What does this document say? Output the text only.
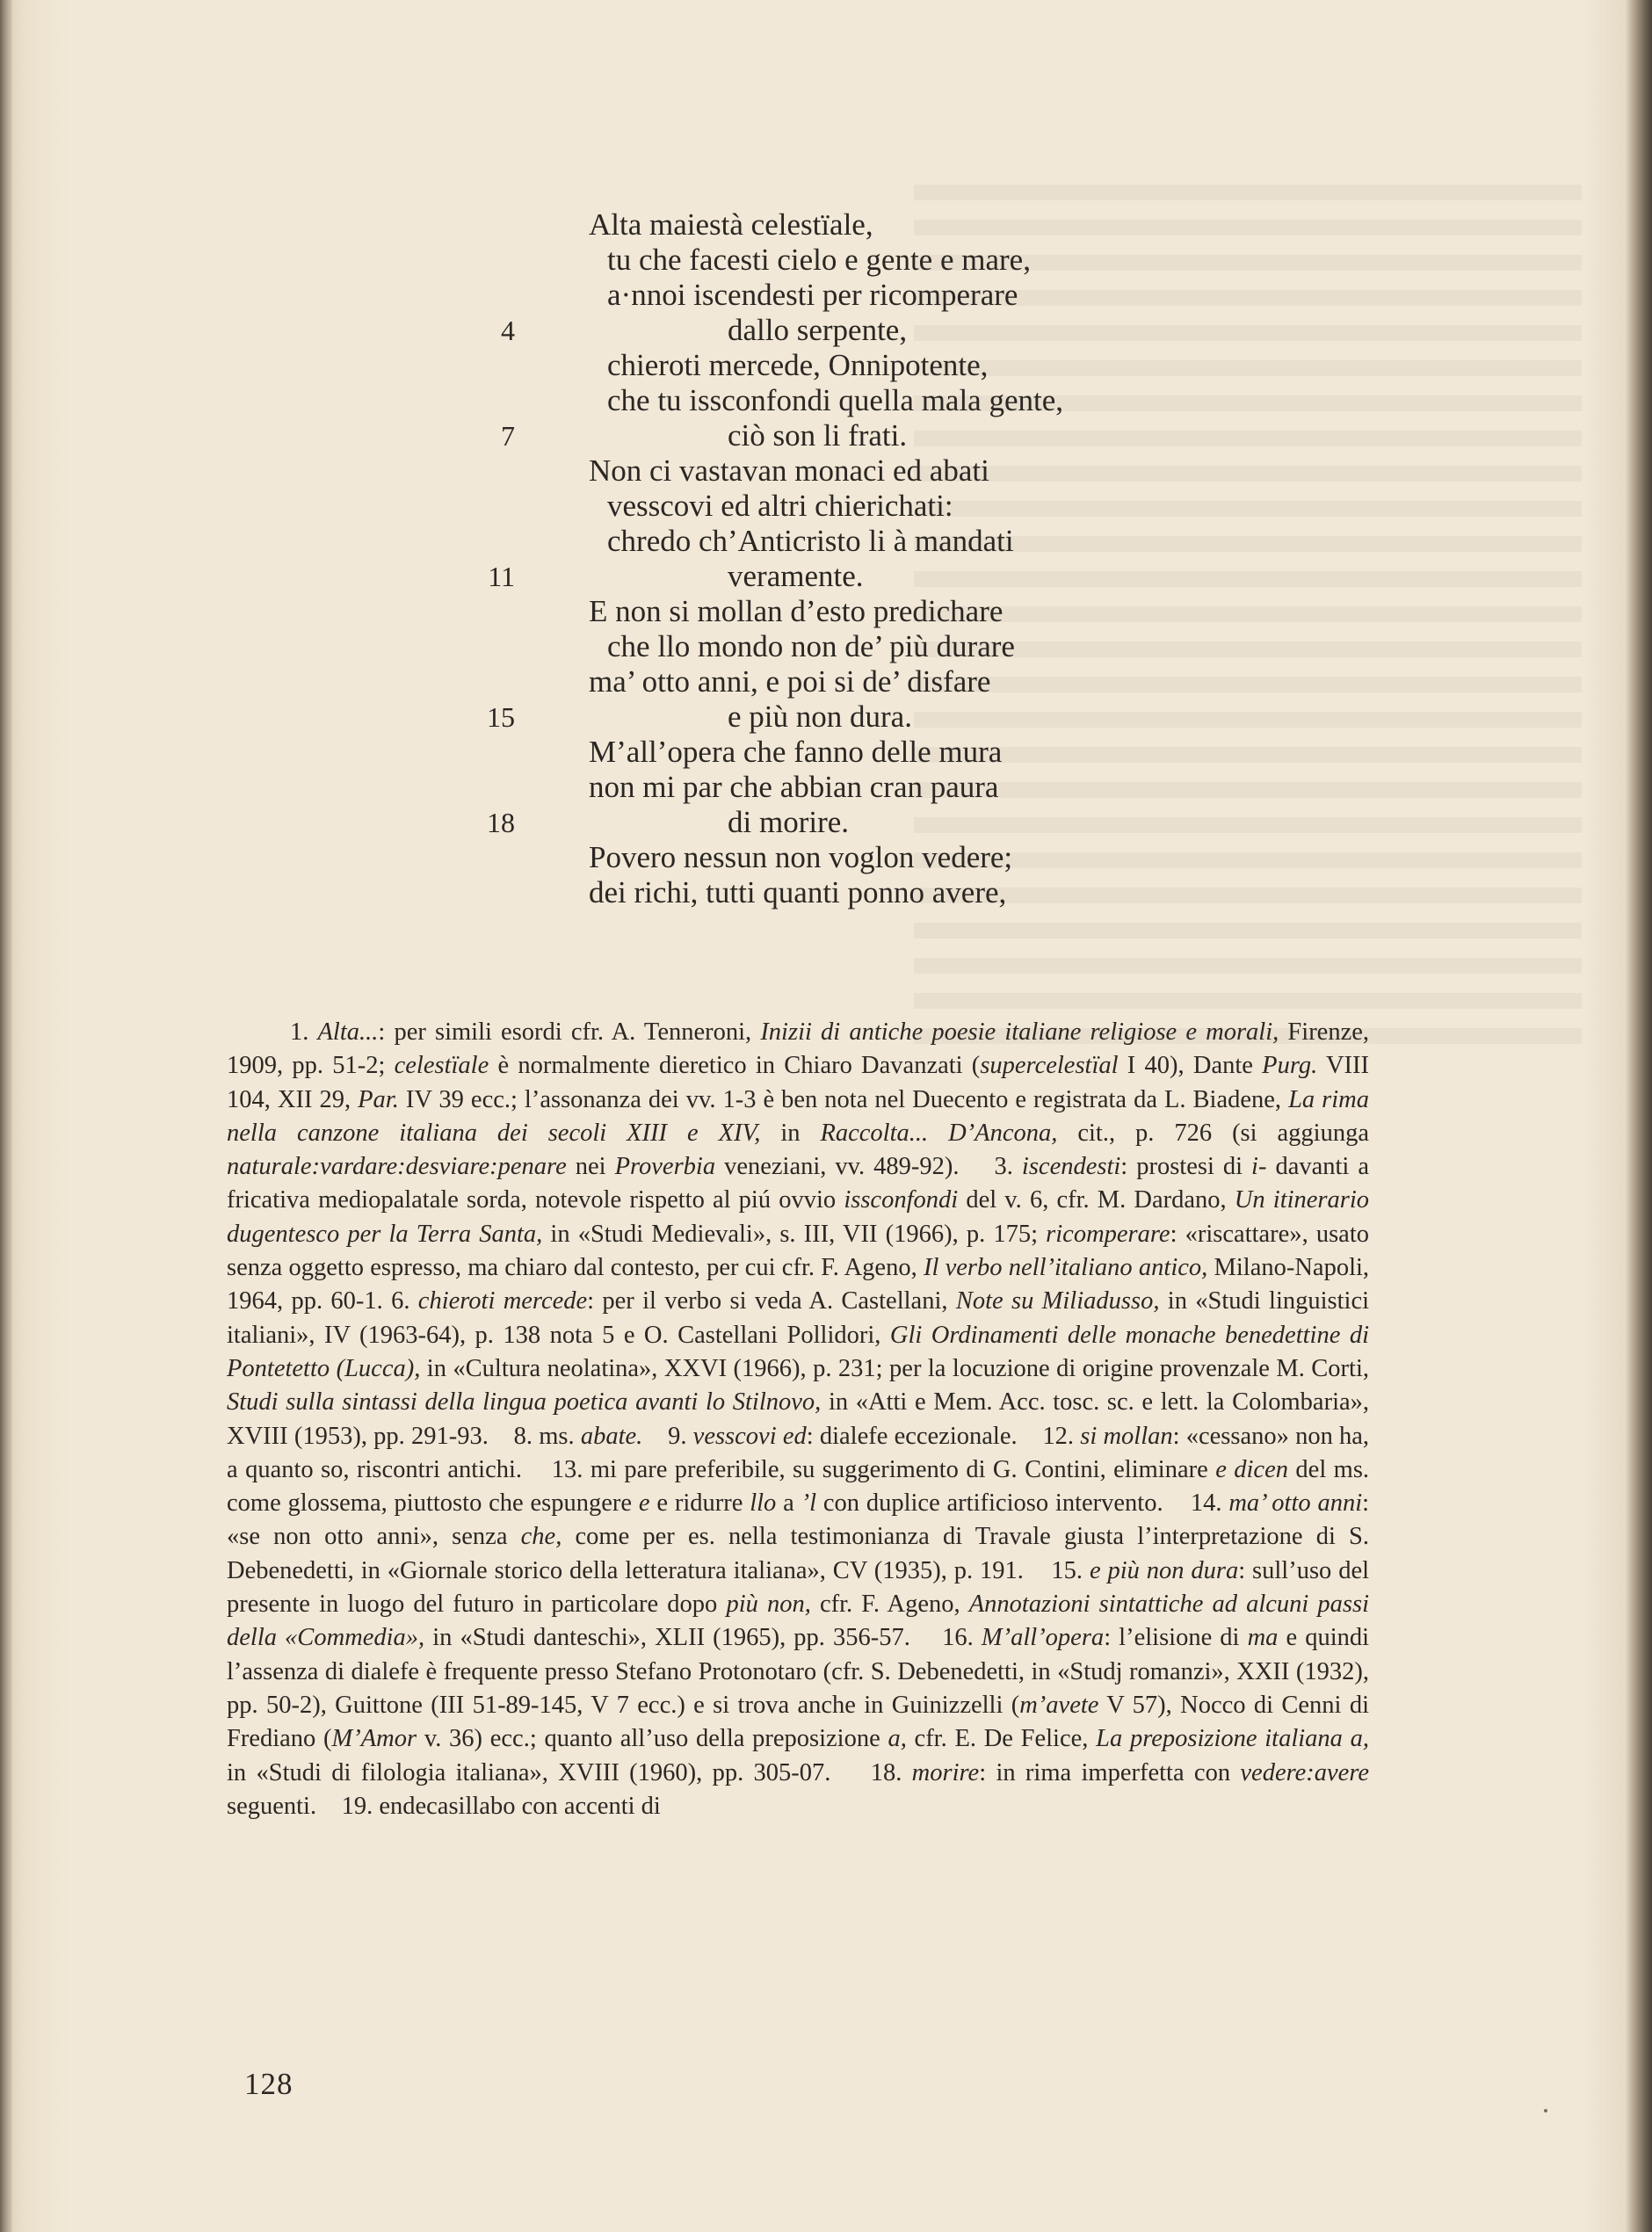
Alta maiestà celestïale,
tu che facesti cielo e gente e mare,
a·nnoi iscendesti per ricomperare
4	dallo serpente,
chieroti mercede, Onnipotente,
che tu issconfondi quella mala gente,
7	ciò son li frati.
Non ci vastavan monaci ed abati
vesscovi ed altri chierichati:
chredo ch’Anticristo li à mandati
11	veramente.
E non si mollan d’esto predichare
che llo mondo non de’ più durare
ma’ otto anni, e poi si de’ disfare
15	e più non dura.
M’all’opera che fanno delle mura
non mi par che abbian cran paura
18	di morire.
Povero nessun non voglon vedere;
dei richi, tutti quanti ponno avere,

1. Alta...: per simili esordi cfr. A. Tenneroni, Inizii di antiche poesie italiane religiose e morali, Firenze, 1909, pp. 51-2; celestïale è normalmente dieretico in Chiaro Davanzati (supercelestïal I 40), Dante Purg. VIII 104, XII 29, Par. IV 39 ecc.; l’assonanza dei vv. 1-3 è ben nota nel Duecento e registrata da L. Biadene, La rima nella canzone italiana dei secoli XIII e XIV, in Raccolta... D’Ancona, cit., p. 726 (si aggiunga naturale:vardare:desviare:penare nei Proverbia veneziani, vv. 489-92). 3. iscendesti: prostesi di i- davanti a fricativa mediopalatale sorda, notevole rispetto al piú ovvio issconfondi del v. 6, cfr. M. Dardano, Un itinerario dugentesco per la Terra Santa, in «Studi Medievali», s. III, VII (1966), p. 175; ricomperare: «riscattare», usato senza oggetto espresso, ma chiaro dal contesto, per cui cfr. F. Ageno, Il verbo nell’italiano antico, Milano-Napoli, 1964, pp. 60-1. 6. chieroti mercede: per il verbo si veda A. Castellani, Note su Miliadusso, in «Studi linguistici italiani», IV (1963-64), p. 138 nota 5 e O. Castellani Pollidori, Gli Ordinamenti delle monache benedettine di Pontetetto (Lucca), in «Cultura neolatina», XXVI (1966), p. 231; per la locuzione di origine provenzale M. Corti, Studi sulla sintassi della lingua poetica avanti lo Stilnovo, in «Atti e Mem. Acc. tosc. sc. e lett. la Colombaria», XVIII (1953), pp. 291-93. 8. ms. abate. 9. vesscovi ed: dialefe eccezionale. 12. si mollan: «cessano» non ha, a quanto so, riscontri antichi. 13. mi pare preferibile, su suggerimento di G. Contini, eliminare e dicen del ms. come glossema, piuttosto che espungere e e ridurre llo a ’l con duplice artificioso intervento. 14. ma’ otto anni: «se non otto anni», senza che, come per es. nella testimonianza di Travale giusta l’interpretazione di S. Debenedetti, in «Giornale storico della letteratura italiana», CV (1935), p. 191. 15. e più non dura: sull’uso del presente in luogo del futuro in particolare dopo più non, cfr. F. Ageno, Annotazioni sintattiche ad alcuni passi della «Commedia», in «Studi danteschi», XLII (1965), pp. 356-57. 16. M’all’opera: l’elisione di ma e quindi l’assenza di dialefe è frequente presso Stefano Protonotaro (cfr. S. Debenedetti, in «Studj romanzi», XXII (1932), pp. 50-2), Guittone (III 51-89-145, V 7 ecc.) e si trova anche in Guinizzelli (m’avete V 57), Nocco di Cenni di Frediano (M’Amor v. 36) ecc.; quanto all’uso della preposizione a, cfr. E. De Felice, La preposizione italiana a, in «Studi di filologia italiana», XVIII (1960), pp. 305-07. 18. morire: in rima imperfetta con vedere:avere seguenti. 19. endecasillabo con accenti di

128
